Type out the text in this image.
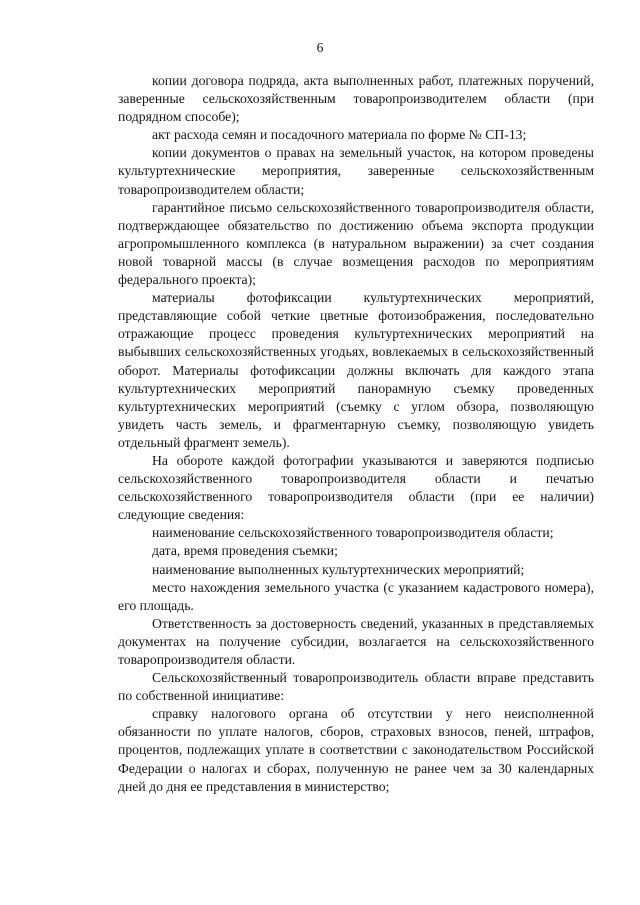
6

копии договора подряда, акта выполненных работ, платежных поручений, заверенные сельскохозяйственным товаропроизводителем области (при подрядном способе);

акт расхода семян и посадочного материала по форме № СП-13;

копии документов о правах на земельный участок, на котором проведены культуртехнические мероприятия, заверенные сельскохозяйственным товаропроизводителем области;

гарантийное письмо сельскохозяйственного товаропроизводителя области, подтверждающее обязательство по достижению объема экспорта продукции агропромышленного комплекса (в натуральном выражении) за счет создания новой товарной массы (в случае возмещения расходов по мероприятиям федерального проекта);

материалы фотофиксации культуртехнических мероприятий, представляющие собой четкие цветные фотоизображения, последовательно отражающие процесс проведения культуртехнических мероприятий на выбывших сельскохозяйственных угодьях, вовлекаемых в сельскохозяйственный оборот. Материалы фотофиксации должны включать для каждого этапа культуртехнических мероприятий панорамную съемку проведенных культуртехнических мероприятий (съемку с углом обзора, позволяющую увидеть часть земель, и фрагментарную съемку, позволяющую увидеть отдельный фрагмент земель).

На обороте каждой фотографии указываются и заверяются подписью сельскохозяйственного товаропроизводителя области и печатью сельскохозяйственного товаропроизводителя области (при ее наличии) следующие сведения:

наименование сельскохозяйственного товаропроизводителя области;

дата, время проведения съемки;

наименование выполненных культуртехнических мероприятий;

место нахождения земельного участка (с указанием кадастрового номера), его площадь.

Ответственность за достоверность сведений, указанных в представляемых документах на получение субсидии, возлагается на сельскохозяйственного товаропроизводителя области.

Сельскохозяйственный товаропроизводитель области вправе представить по собственной инициативе:

справку налогового органа об отсутствии у него неисполненной обязанности по уплате налогов, сборов, страховых взносов, пеней, штрафов, процентов, подлежащих уплате в соответствии с законодательством Российской Федерации о налогах и сборах, полученную не ранее чем за 30 календарных дней до дня ее представления в министерство;
